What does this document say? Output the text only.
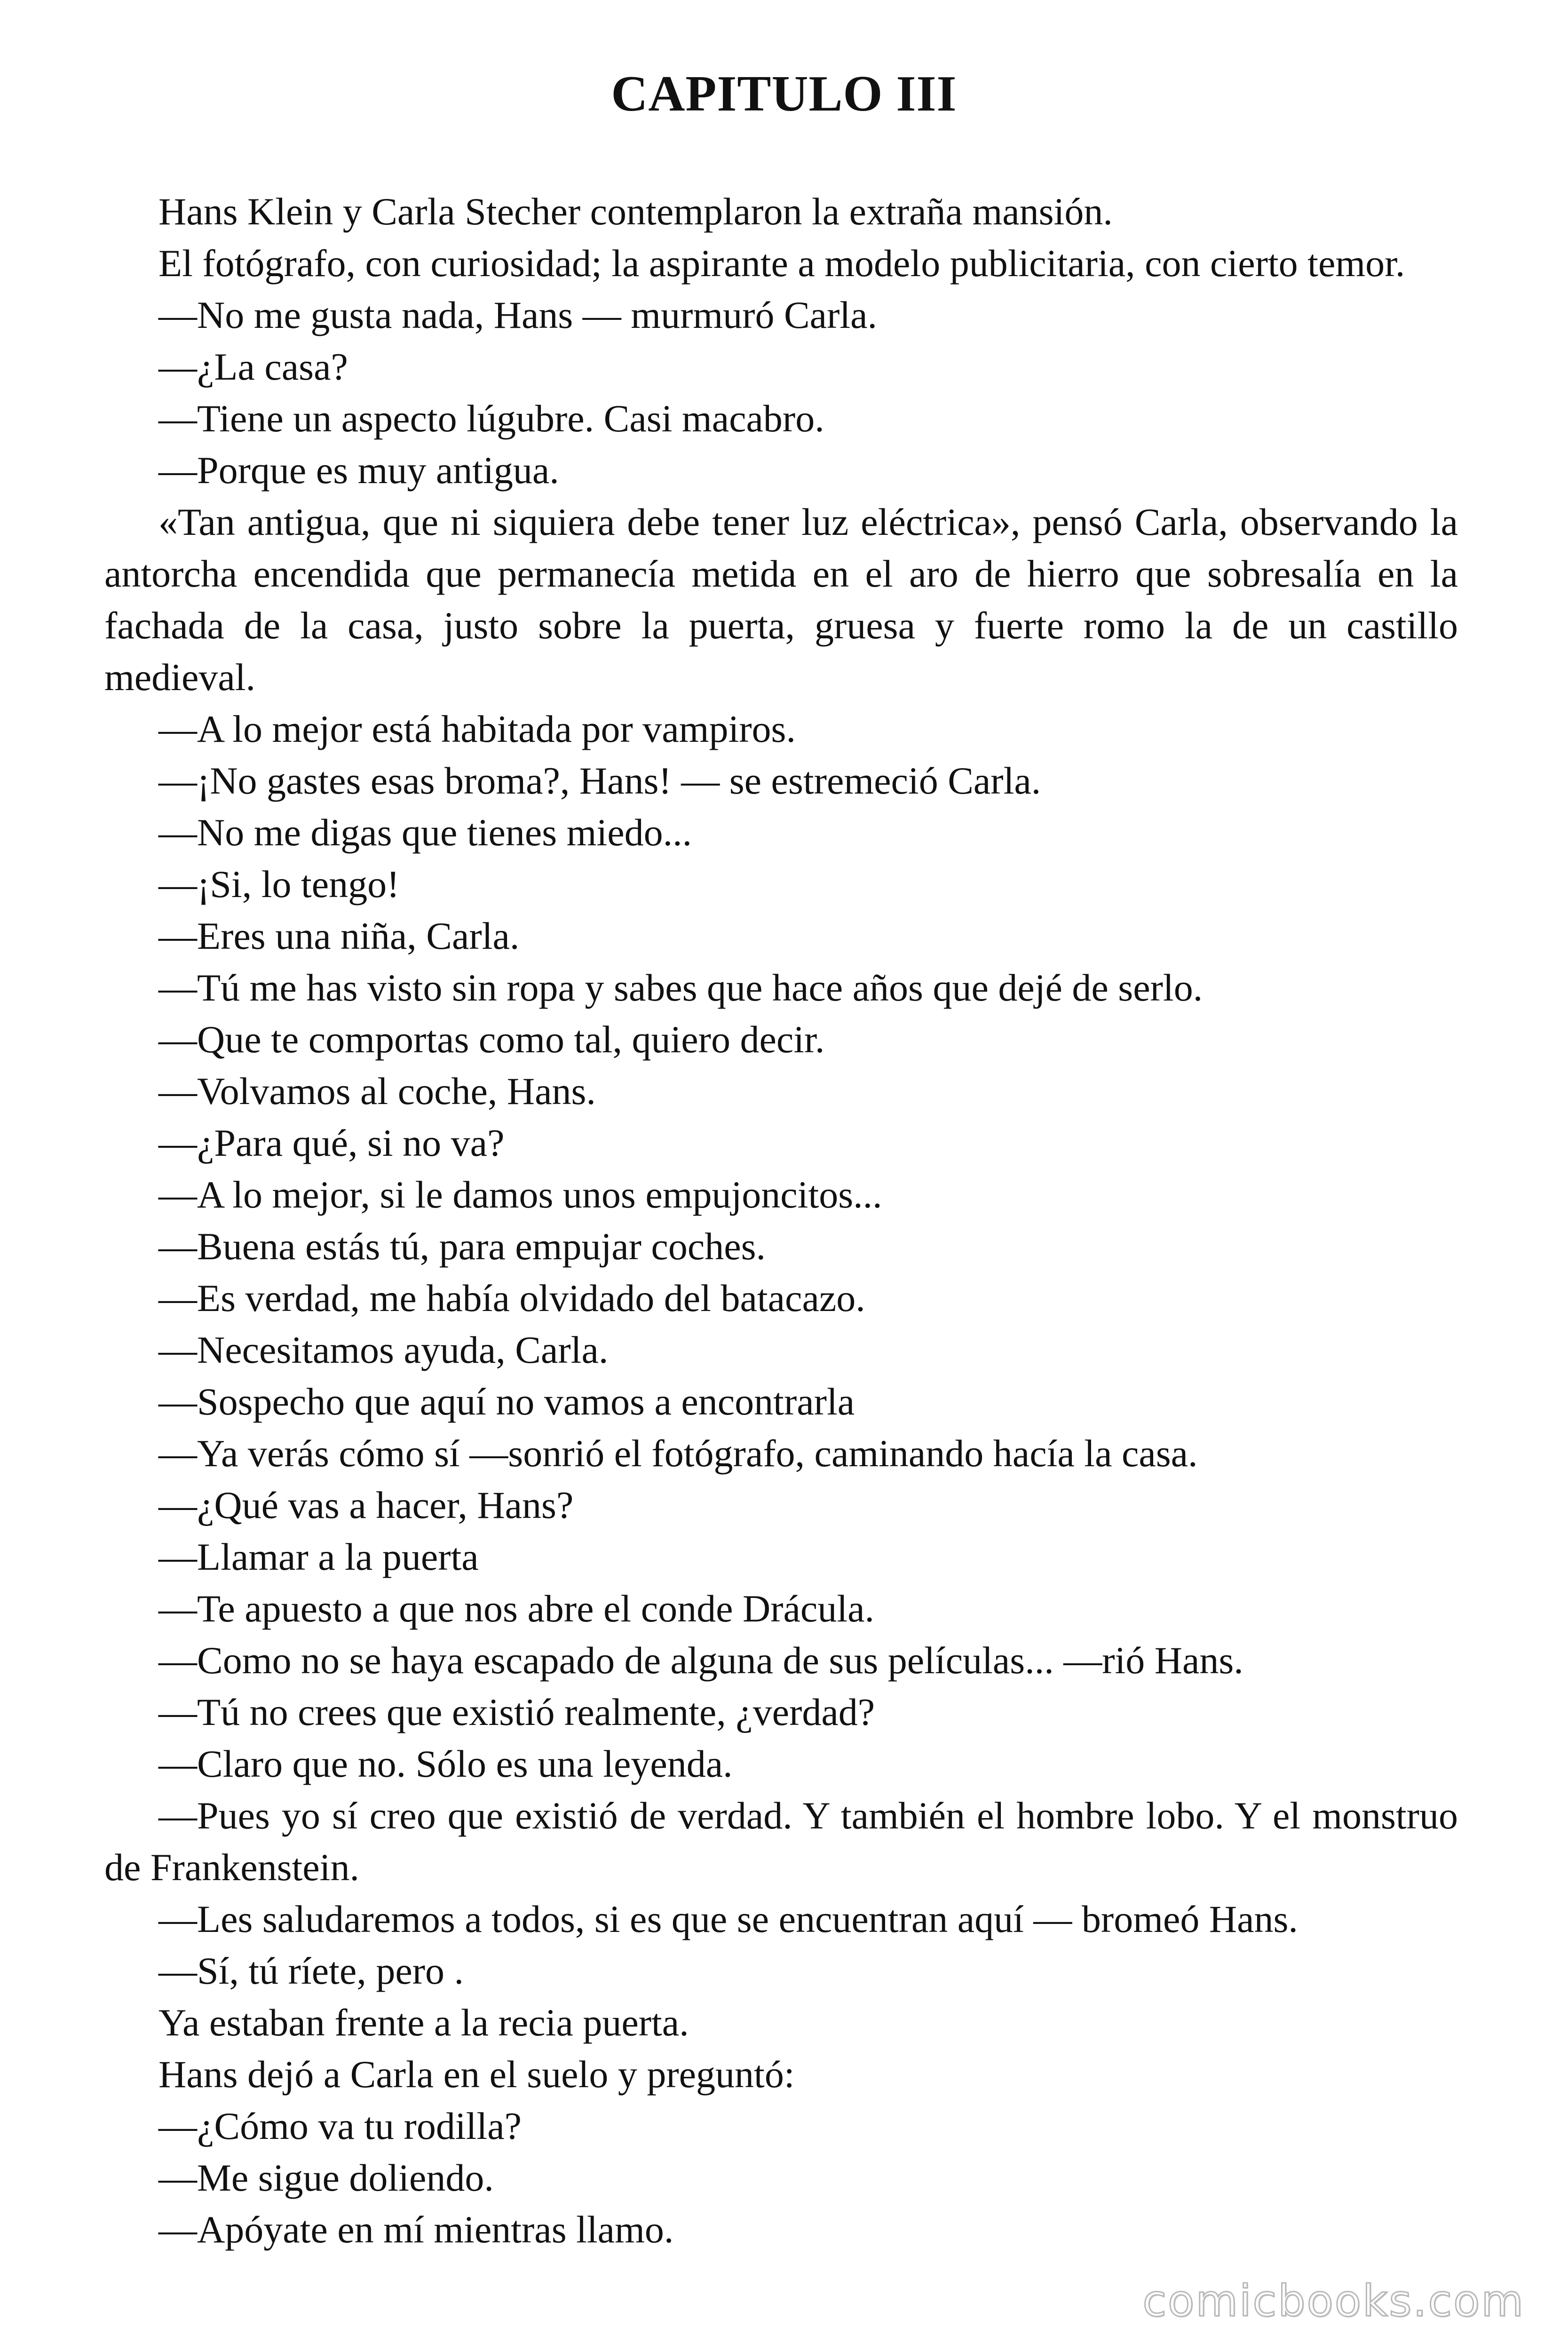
CAPITULO III

Hans Klein y Carla Stecher contemplaron la extraña mansión.

El fotógrafo, con curiosidad; la aspirante a modelo publicitaria, con cierto temor.

—No me gusta nada, Hans — murmuró Carla.

—¿La casa?

—Tiene un aspecto lúgubre. Casi macabro.

—Porque es muy antigua.

«Tan antigua, que ni siquiera debe tener luz eléctrica», pensó Carla, observando la antorcha encendida que permanecía metida en el aro de hierro que sobresalía en la fachada de la casa, justo sobre la puerta, gruesa y fuerte romo la de un castillo medieval.

—A lo mejor está habitada por vampiros.

—¡No gastes esas broma?, Hans! — se estremeció Carla.

—No me digas que tienes miedo...

—¡Si, lo tengo!

—Eres una niña, Carla.

—Tú me has visto sin ropa y sabes que hace años que dejé de serlo.

—Que te comportas como tal, quiero decir.

—Volvamos al coche, Hans.

—¿Para qué, si no va?

—A lo mejor, si le damos unos empujoncitos...

—Buena estás tú, para empujar coches.

—Es verdad, me había olvidado del batacazo.

—Necesitamos ayuda, Carla.

—Sospecho que aquí no vamos a encontrarla

—Ya verás cómo sí —sonrió el fotógrafo, caminando hacía la casa.

—¿Qué vas a hacer, Hans?

—Llamar a la puerta

—Te apuesto a que nos abre el conde Drácula.

—Como no se haya escapado de alguna de sus películas... —rió Hans.

—Tú no crees que existió realmente, ¿verdad?

—Claro que no. Sólo es una leyenda.

—Pues yo sí creo que existió de verdad. Y también el hombre lobo. Y el monstruo de Frankenstein.

—Les saludaremos a todos, si es que se encuentran aquí — bromeó Hans.

—Sí, tú ríete, pero .

Ya estaban frente a la recia puerta.

Hans dejó a Carla en el suelo y preguntó:

—¿Cómo va tu rodilla?

—Me sigue doliendo.

—Apóyate en mí mientras llamo.

comicbooks.com
